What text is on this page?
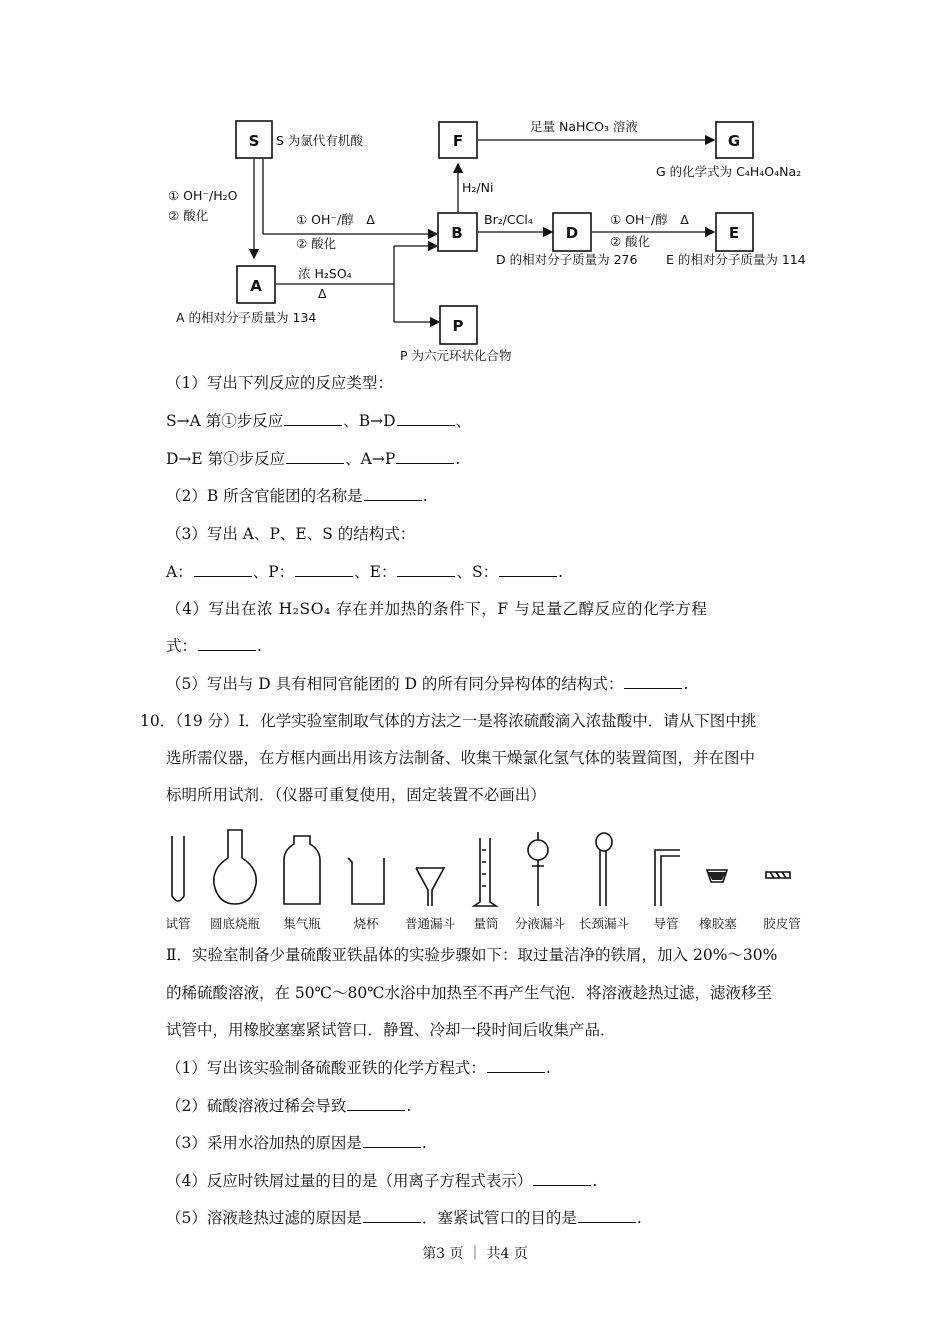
S
A
B
F	G
D	E
P
S 为氯代有机酸
① OH⁻/H₂O
② 酸化	① OH⁻/醇　Δ
② 酸化
A 的相对分子质量为 134
浓 H₂SO₄
Δ
P 为六元环状化合物
H₂/Ni
足量 NaHCO₃ 溶液
G 的化学式为 C₄H₄O₄Na₂
Br₂/CCl₄
D 的相对分子质量为 276
① OH⁻/醇　Δ
② 酸化
E 的相对分子质量为 114
（1）写出下列反应的反应类型：
S→A 第①步反应	、B→D	、
D→E 第①步反应	、A→P	.
（2）B 所含官能团的名称是	.
（3）写出 A、P、E、S 的结构式：
A：	、P：	、E：	、S：	.
（4）写出在浓 H₂SO₄ 存在并加热的条件下，F 与足量乙醇反应的化学方程
式：	.
（5）写出与 D 具有相同官能团的 D 的所有同分异构体的结构式：	.
10．（19 分）Ⅰ．化学实验室制取气体的方法之一是将浓硫酸滴入浓盐酸中．请从下图中挑
选所需仪器，在方框内画出用该方法制备、收集干燥氯化氢气体的装置简图，并在图中
标明所用试剂．（仪器可重复使用，固定装置不必画出）
试管 圆底烧瓶 集气瓶	烧杯 普通漏斗 量筒 分液漏斗 长颈漏斗 导管 橡胶塞 胶皮管
Ⅱ．实验室制备少量硫酸亚铁晶体的实验步骤如下：取过量洁净的铁屑，加入 20%～30%
的稀硫酸溶液，在 50℃～80℃水浴中加热至不再产生气泡．将溶液趁热过滤，滤液移至
试管中，用橡胶塞塞紧试管口．静置、冷却一段时间后收集产品．
（1）写出该实验制备硫酸亚铁的化学方程式：	.
（2）硫酸溶液过稀会导致	.
（3）采用水浴加热的原因是	.
（4）反应时铁屑过量的目的是（用离子方程式表示）	.
（5）溶液趁热过滤的原因是	．塞紧试管口的目的是	.
第3 页 ｜ 共4 页
